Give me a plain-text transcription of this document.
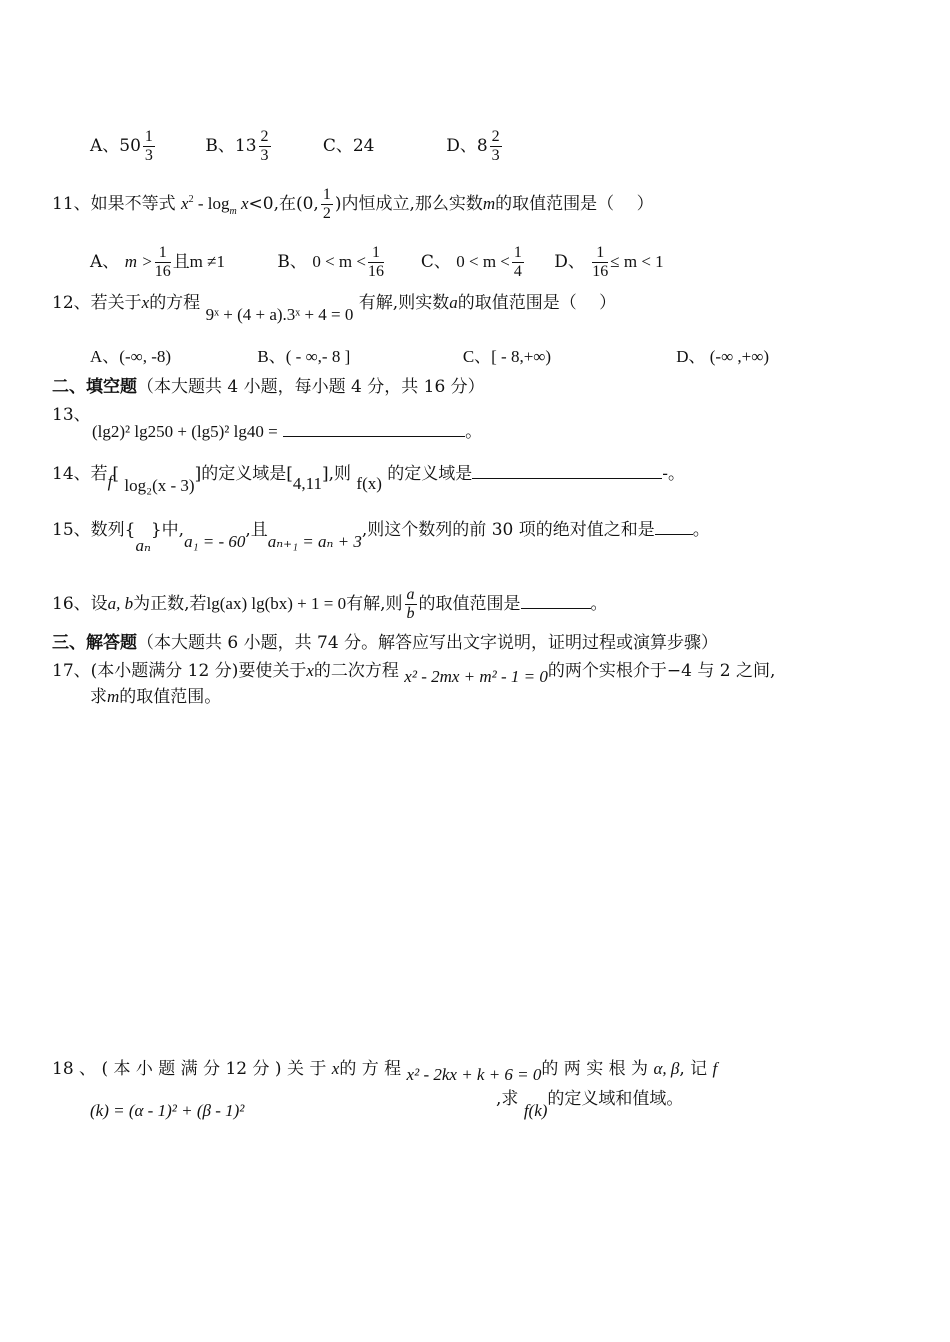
A、$50 \frac{1}{3}$	B、$13 \frac{2}{3}$	C、24	D、$8 \frac{2}{3}$
11、如果不等式 $x^2 - \log_m x<0$,在(0, $\frac{1}{2}$ )内恒成立,那么实数m的取值范围是（　 ）
A、 $m > \frac{1}{16}$ 且m ≠1	B、 $0 < m < \frac{1}{16}$ C、 $0 < m < \frac{1}{4}$ D、 $\frac{1}{16} \le m < 1$
12、若关于x的方程 9ˣ + (4 + a).3ˣ + 4 = 0 有解,则实数a的取值范围是（　 ）
A、(-∞, -8)	B、( - ∞,- 8 ]	C、[ - 8,+∞)	D、 (-∞ ,+∞)
二、填空题（本大题共 4 小题，每小题 4 分，共 16 分）
13、
(lg2)² lg250 + (lg5)² lg40 =	。
14、若f[ log₂(x - 3)]的定义域是[4,11],则 f(x) 的定义域是	-。
15、数列{aₙ}中,a₁ = - 60,且aₙ₊₁ = aₙ + 3,则这个数列的前 30 项的绝对值之和是 。
16、设a, b为正数,若lg(ax) lg(bx) + 1 = 0有解,则 $\frac{a}{b}$ 的取值范围是	。
三、解答题（本大题共 6 小题，共 74 分。解答应写出文字说明，证明过程或演算步骤）
17、(本小题满分 12 分)要使关于x的二次方程 x² - 2mx + m² - 1 = 0的两个实根介于−4 与 2 之间,
求m的取值范围。
18 、 ( 本 小 题 满 分 12 分 ) 关 于 x的 方 程 x² - 2kx + k + 6 = 0的 两 实 根 为 α, β, 记 f
(k) = (α - 1)² + (β - 1)²
,求 f(k)的定义域和值域。
